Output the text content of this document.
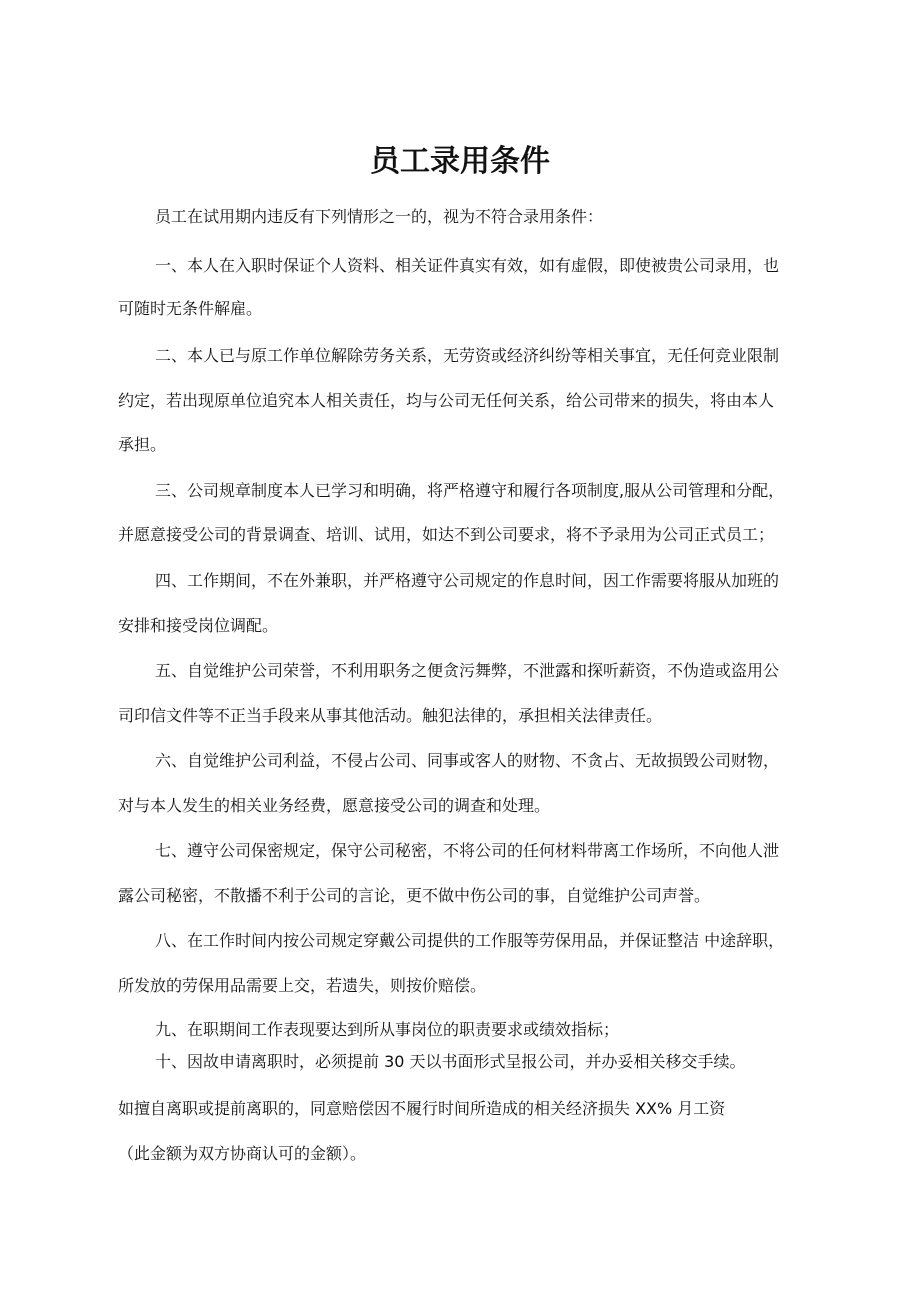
员工录用条件

员工在试用期内违反有下列情形之一的，视为不符合录用条件：

一、本人在入职时保证个人资料、相关证件真实有效，如有虚假，即使被贵公司录用，也

可随时无条件解雇。

二、本人已与原工作单位解除劳务关系，无劳资或经济纠纷等相关事宜，无任何竞业限制

约定，若出现原单位追究本人相关责任，均与公司无任何关系，给公司带来的损失，将由本人

承担。

三、公司规章制度本人已学习和明确，将严格遵守和履行各项制度,服从公司管理和分配，

并愿意接受公司的背景调查、培训、试用，如达不到公司要求，将不予录用为公司正式员工；

四、工作期间，不在外兼职，并严格遵守公司规定的作息时间，因工作需要将服从加班的

安排和接受岗位调配。

五、自觉维护公司荣誉，不利用职务之便贪污舞弊，不泄露和探听薪资，不伪造或盗用公

司印信文件等不正当手段来从事其他活动。触犯法律的，承担相关法律责任。

六、自觉维护公司利益，不侵占公司、同事或客人的财物、不贪占、无故损毁公司财物，

对与本人发生的相关业务经费，愿意接受公司的调查和处理。

七、遵守公司保密规定，保守公司秘密，不将公司的任何材料带离工作场所，不向他人泄

露公司秘密，不散播不利于公司的言论，更不做中伤公司的事，自觉维护公司声誉。

八、在工作时间内按公司规定穿戴公司提供的工作服等劳保用品，并保证整洁 中途辞职，

所发放的劳保用品需要上交，若遗失，则按价赔偿。

九、在职期间工作表现要达到所从事岗位的职责要求或绩效指标；

十、因故申请离职时，必须提前 30 天以书面形式呈报公司，并办妥相关移交手续。

如擅自离职或提前离职的，同意赔偿因不履行时间所造成的相关经济损失 XX% 月工资

（此金额为双方协商认可的金额）。
